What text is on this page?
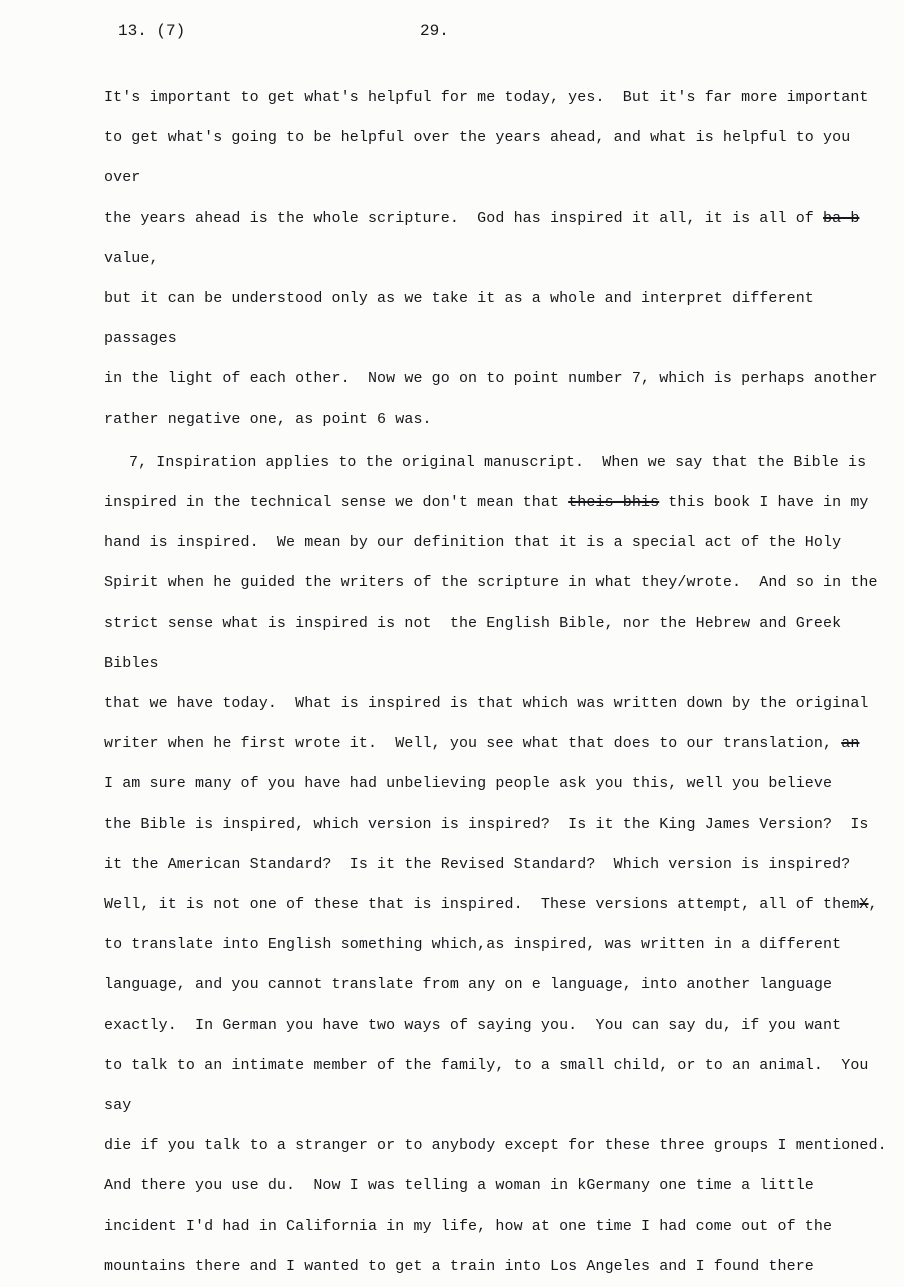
13. (7)	29.
It's important to get what's helpful for me today, yes.  But it's far more important
to get what's going to be helpful over the years ahead, and what is helpful to you over
the years ahead is the whole scripture.  God has inspired it all, it is all of ba b value,
but it can be understood only as we take it as a whole and interpret different passages
in the light of each other.  Now we go on to point number 7, which is perhaps another
rather negative one, as point 6 was.
7, Inspiration applies to the original manuscript.  When we say that the Bible is
inspired in the technical sense we don't mean that theis bhis this book I have in my
hand is inspired.  We mean by our definition that it is a special act of the Holy
Spirit when he guided the writers of the scripture in what they/wrote.  And so in the
strict sense what is inspired is not  the English Bible, nor the Hebrew and Greek Bibles
that we have today.  What is inspired is that which was written down by the original
writer when he first wrote it.  Well, you see what that does to our translation, an
I am sure many of you have had unbelieving people ask you this, well you believe
the Bible is inspired, which version is inspired?  Is it the King James Version?  Is
it the American Standard?  Is it the Revised Standard?  Which version is inspired?
Well, it is not one of these that is inspired.  These versions attempt, all of themX,
to translate into English something which,as inspired, was written in a different
language, and you cannot translate from any on e language, into another language
exactly.  In German you have two ways of saying you.  You can say du, if you want
to talk to an intimate member of the family, to a small child, or to an animal.  You say
die if you talk to a stranger or to anybody except for these three groups I mentioned.
And there you use du.  Now I was telling a woman in kGermany one time a little
incident I'd had in California in my life, how at one time I had come out of the
mountains there and I wanted to get a train into Los Angeles and I found there
